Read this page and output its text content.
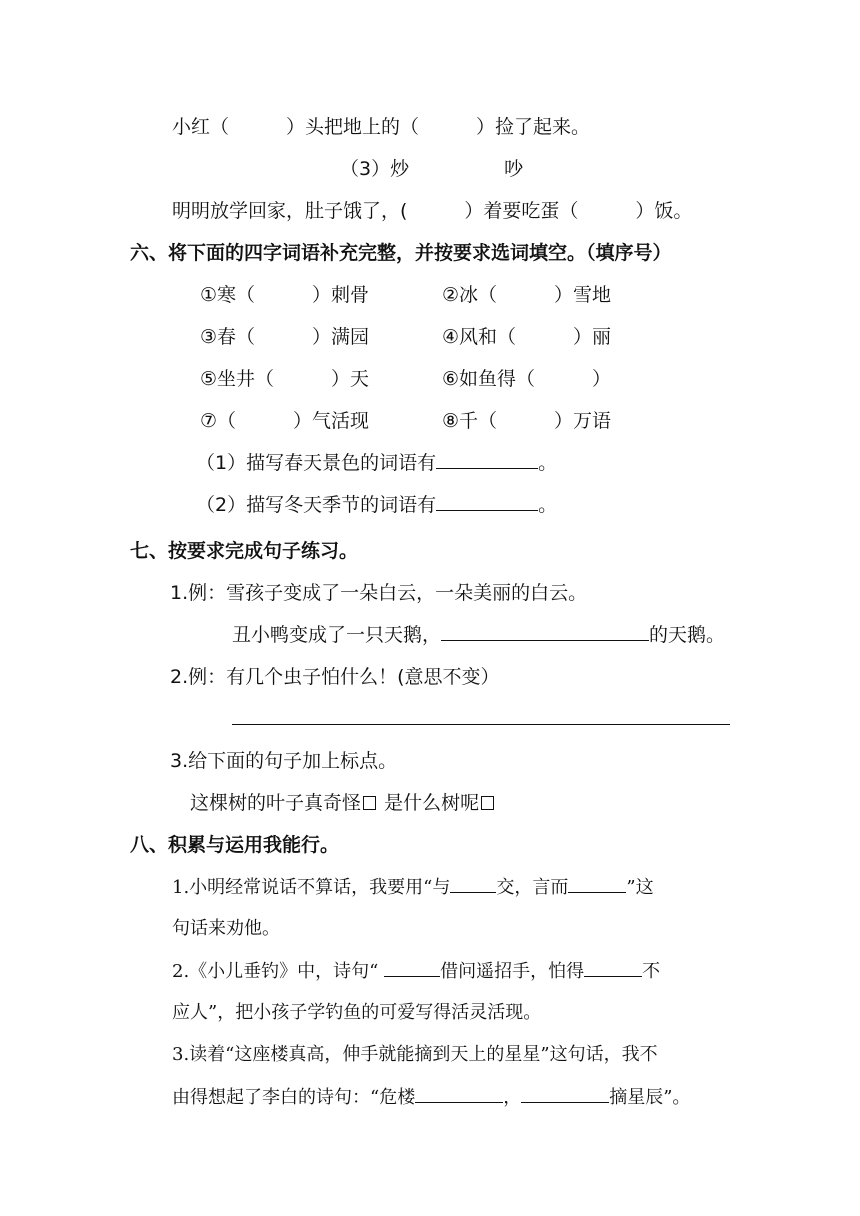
小红（　　　）头把地上的（　　　）捡了起来。
（3）炒　　　　　吵
明明放学回家，肚子饿了，(　　　）着要吃蛋（　　　）饭。
六、将下面的四字词语补充完整，并按要求选词填空。（填序号）
①寒（　　　）刺骨	②冰（　　　）雪地
③春（　　　）满园	④风和（　　　）丽
⑤坐井（　　　）天	⑥如鱼得（　　　）
⑦（　　　）气活现	⑧千（　　　）万语
（1）描写春天景色的词语有	。
（2）描写冬天季节的词语有	。
七、按要求完成句子练习。
1.例：雪孩子变成了一朵白云，一朵美丽的白云。
丑小鸭变成了一只天鹅，	的天鹅。
2.例：有几个虫子怕什么！(意思不变）
3.给下面的句子加上标点。
这棵树的叶子真奇怪 是什么树呢
八、积累与运用我能行。
1.小明经常说话不算话，我要用“与	交，言而	”这
句话来劝他。
2.《小儿垂钓》中，诗句“	借问遥招手，怕得	不
应人”，把小孩子学钓鱼的可爱写得活灵活现。
3.读着“这座楼真高，伸手就能摘到天上的星星”这句话，我不
由得想起了李白的诗句：“危楼	，	摘星辰”。
